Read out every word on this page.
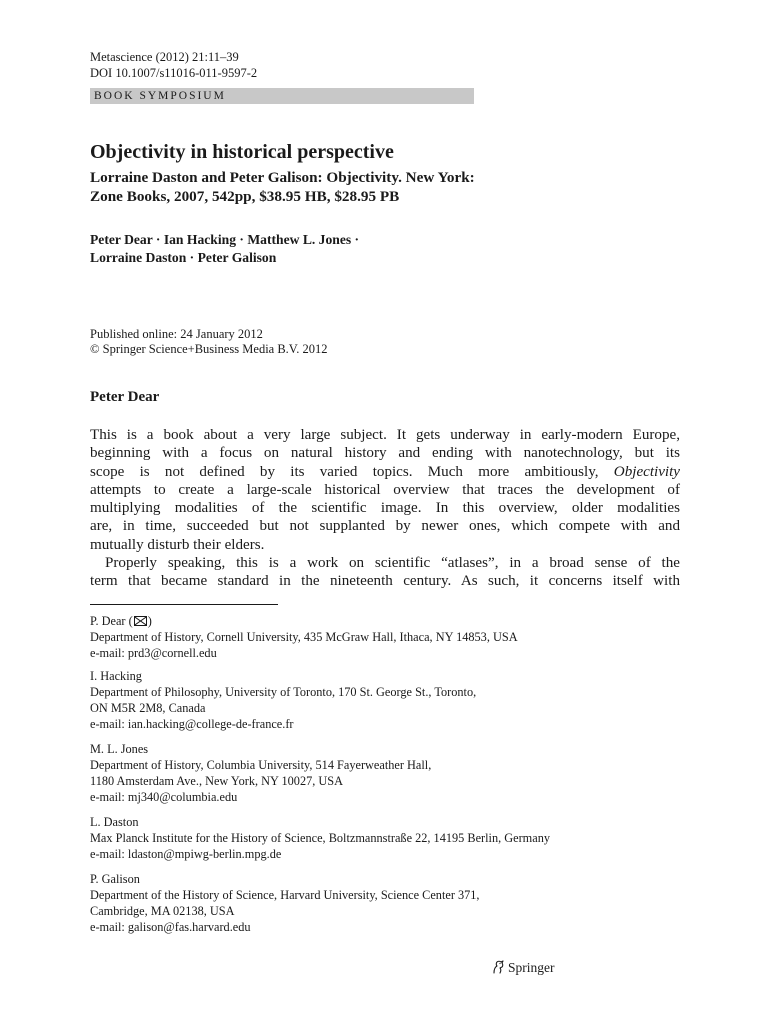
Metascience (2012) 21:11–39
DOI 10.1007/s11016-011-9597-2
BOOK SYMPOSIUM
Objectivity in historical perspective
Lorraine Daston and Peter Galison: Objectivity. New York:
Zone Books, 2007, 542pp, $38.95 HB, $28.95 PB
Peter Dear · Ian Hacking · Matthew L. Jones ·
Lorraine Daston · Peter Galison
Published online: 24 January 2012
© Springer Science+Business Media B.V. 2012
Peter Dear

This is a book about a very large subject. It gets underway in early-modern Europe,

beginning with a focus on natural history and ending with nanotechnology, but its

scope is not defined by its varied topics. Much more ambitiously, Objectivity

attempts to create a large-scale historical overview that traces the development of

multiplying modalities of the scientific image. In this overview, older modalities

are, in time, succeeded but not supplanted by newer ones, which compete with and

mutually disturb their elders.

Properly speaking, this is a work on scientific “atlases”, in a broad sense of the

term that became standard in the nineteenth century. As such, it concerns itself with

P. Dear ( )
Department of History, Cornell University, 435 McGraw Hall, Ithaca, NY 14853, USA
e-mail: prd3@cornell.edu
I. Hacking
Department of Philosophy, University of Toronto, 170 St. George St., Toronto,
ON M5R 2M8, Canada
e-mail: ian.hacking@college-de-france.fr
M. L. Jones
Department of History, Columbia University, 514 Fayerweather Hall,
1180 Amsterdam Ave., New York, NY 10027, USA
e-mail: mj340@columbia.edu
L. Daston
Max Planck Institute for the History of Science, Boltzmannstraße 22, 14195 Berlin, Germany
e-mail: ldaston@mpiwg-berlin.mpg.de
P. Galison
Department of the History of Science, Harvard University, Science Center 371,
Cambridge, MA 02138, USA
e-mail: galison@fas.harvard.edu
Springer
